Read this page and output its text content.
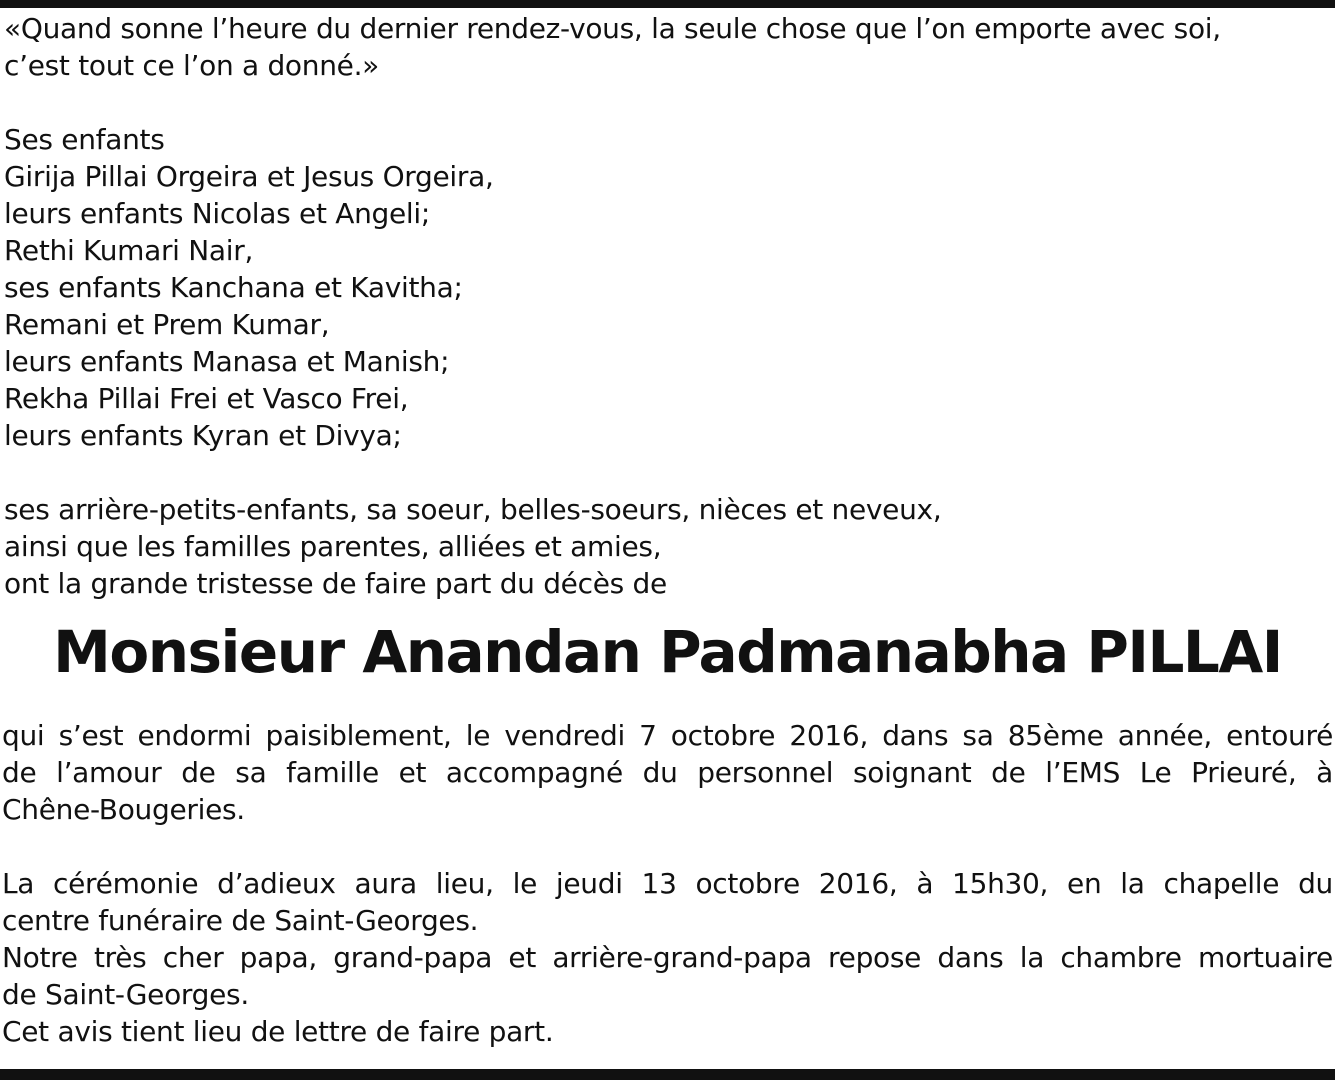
«Quand sonne l’heure du dernier rendez-vous, la seule chose que l’on emporte avec soi,
c’est tout ce l’on a donné.»
Ses enfants
Girija Pillai Orgeira et Jesus Orgeira,
leurs enfants Nicolas et Angeli;
Rethi Kumari Nair,
ses enfants Kanchana et Kavitha;
Remani et Prem Kumar,
leurs enfants Manasa et Manish;
Rekha Pillai Frei et Vasco Frei,
leurs enfants Kyran et Divya;
ses arrière-petits-enfants, sa soeur, belles-soeurs, nièces et neveux,
ainsi que les familles parentes, alliées et amies,
ont la grande tristesse de faire part du décès de
Monsieur Anandan Padmanabha PILLAI
qui s’est endormi paisiblement, le vendredi 7 octobre 2016, dans sa 85ème année, entouré
de l’amour de sa famille et accompagné du personnel soignant de l’EMS Le Prieuré, à
Chêne-Bougeries.
La cérémonie d’adieux aura lieu, le jeudi 13 octobre 2016, à 15h30, en la chapelle du
centre funéraire de Saint-Georges.
Notre très cher papa, grand-papa et arrière-grand-papa repose dans la chambre mortuaire
de Saint-Georges.
Cet avis tient lieu de lettre de faire part.
